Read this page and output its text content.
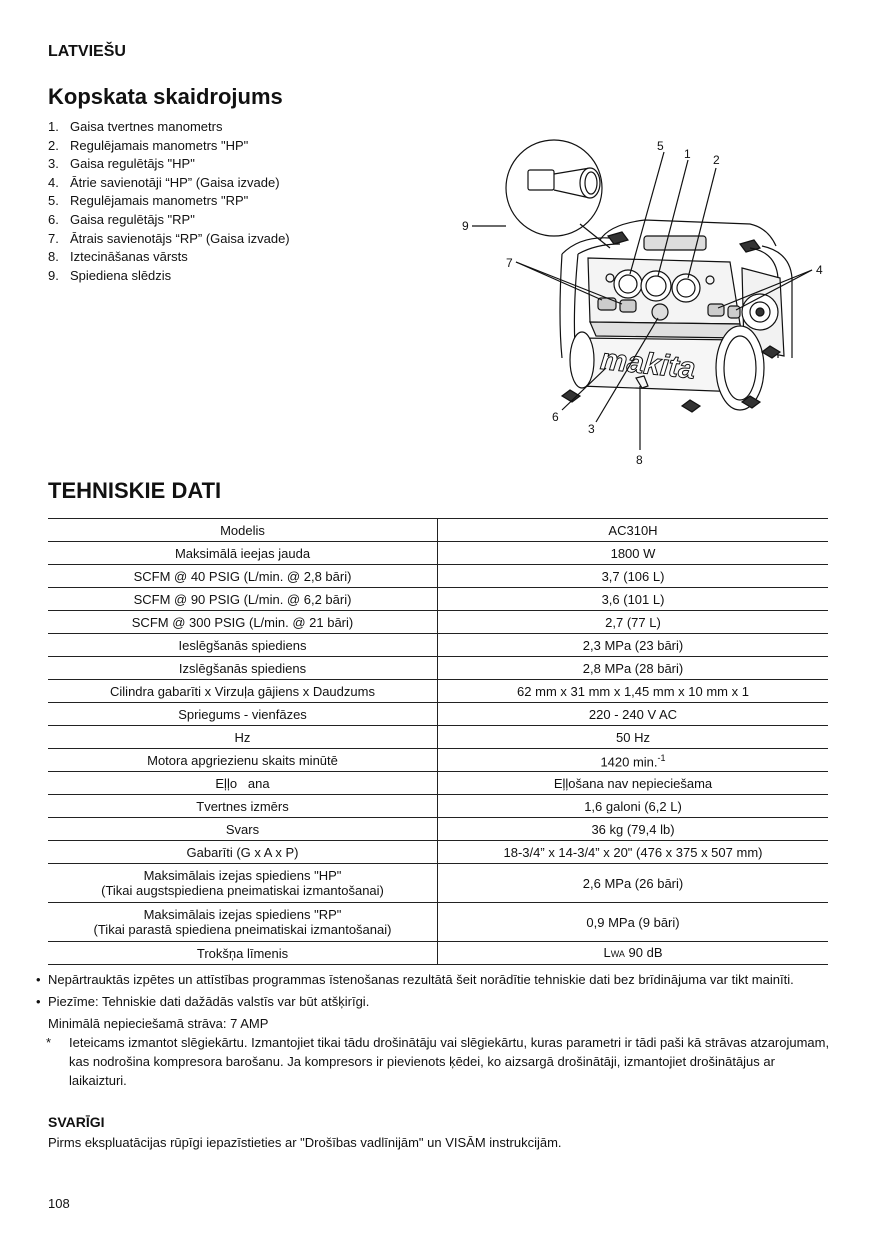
LATVIEŠU
Kopskata skaidrojums
1. Gaisa tvertnes manometrs
2. Regulējamais manometrs "HP"
3. Gaisa regulētājs "HP"
4. Ātrie savienotāji “HP” (Gaisa izvade)
5. Regulējamais manometrs "RP"
6. Gaisa regulētājs "RP"
7. Ātrais savienotājs “RP” (Gaisa izvade)
8. Iztecināšanas vārsts
9. Spiediena slēdzis
makita
5
1 2
9
7	4
6
3
8
TEHNISKIE DATI
Modelis	AC310H
Maksimālā ieejas jauda	1800 W
SCFM @ 40 PSIG (L/min. @ 2,8 bāri)	3,7 (106 L)
SCFM @ 90 PSIG (L/min. @ 6,2 bāri)	3,6 (101 L)
SCFM @ 300 PSIG (L/min. @ 21 bāri)	2,7 (77 L)
Ieslēgšanās spiediens	2,3 MPa (23 bāri)
Izslēgšanās spiediens	2,8 MPa (28 bāri)
Cilindra gabarīti x Virzuļa gājiens x Daudzums	62 mm x 31 mm x 1,45 mm x 10 mm x 1
Spriegums - vienfāzes	220 - 240 V AC
Hz	50 Hz
Motora apgriezienu skaits minūtē	1420 min.$^{-1}$
Eļļo   ana	Eļļošana nav nepieciešama
Tvertnes izmērs	1,6 galoni (6,2 L)
Svars	36 kg (79,4 lb)
Gabarīti (G x A x P)	18-3/4” x 14-3/4” x 20" (476 x 375 x 507 mm)
Maksimālais izejas spiediens "HP"
(Tikai augstspiediena pneimatiskai izmantošanai)	2,6 MPa (26 bāri)
Maksimālais izejas spiediens "RP"
(Tikai parastā spiediena pneimatiskai izmantošanai)	0,9 MPa (9 bāri)
Trokšņa līmenis	LWA 90 dB

• Nepārtrauktās izpētes un attīstības programmas īstenošanas rezultātā šeit norādītie tehniskie dati bez brīdinājuma var tikt mainīti.

• Piezīme: Tehniskie dati dažādās valstīs var būt atšķirīgi.

Minimālā nepieciešamā strāva: 7 AMP

* Ieteicams izmantot slēgiekārtu. Izmantojiet tikai tādu drošinātāju vai slēgiekārtu, kuras parametri ir tādi paši kā strāvas atzarojumam, kas nodrošina kompresora barošanu. Ja kompresors ir pievienots ķēdei, ko aizsargā drošinātāji, izmantojiet drošinātājus ar laikaizturi.

SVARĪGI

Pirms ekspluatācijas rūpīgi iepazīstieties ar "Drošības vadlīnijām" un VISĀM instrukcijām.

108
